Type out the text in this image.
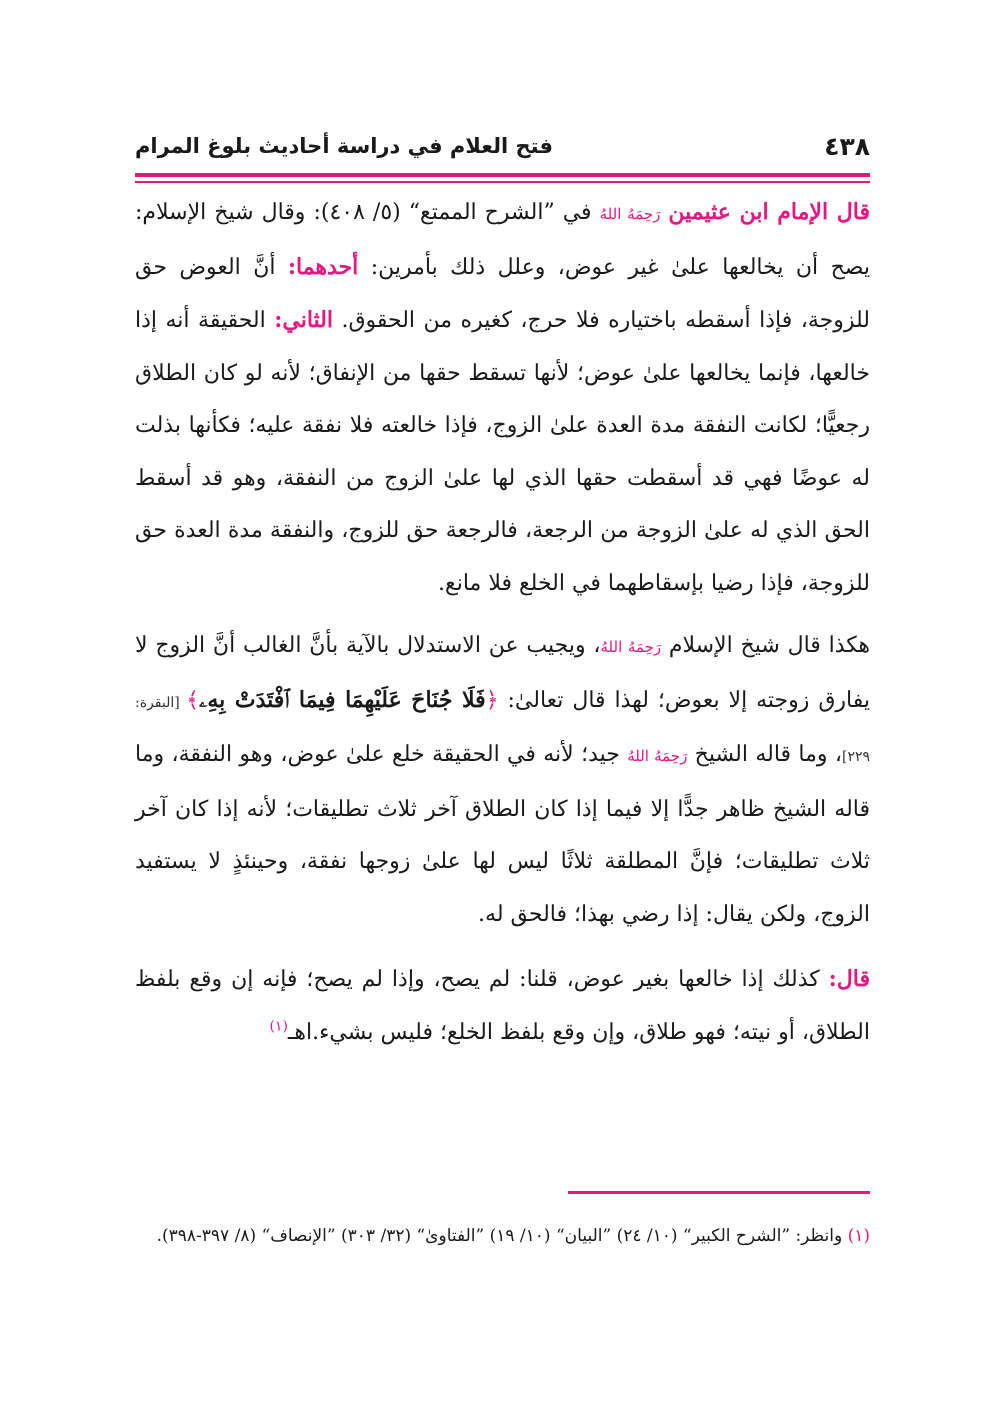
٤٣٨
فتح العلام في دراسة أحاديث بلوغ المرام

قال الإمام ابن عثيمين رَحِمَهُ اللهُ في ”الشرح الممتع“ (٥/ ٤٠٨): وقال شيخ الإسلام: يصح أن يخالعها علىٰ غير عوض، وعلل ذلك بأمرين: أحدهما: أنَّ العوض حق للزوجة، فإذا أسقطه باختياره فلا حرج، كغيره من الحقوق. الثاني: الحقيقة أنه إذا خالعها، فإنما يخالعها علىٰ عوض؛ لأنها تسقط حقها من الإنفاق؛ لأنه لو كان الطلاق رجعيًّا؛ لكانت النفقة مدة العدة علىٰ الزوج، فإذا خالعته فلا نفقة عليه؛ فكأنها بذلت له عوضًا فهي قد أسقطت حقها الذي لها علىٰ الزوج من النفقة، وهو قد أسقط الحق الذي له علىٰ الزوجة من الرجعة، فالرجعة حق للزوج، والنفقة مدة العدة حق للزوجة، فإذا رضيا بإسقاطهما في الخلع فلا مانع.

هكذا قال شيخ الإسلام رَحِمَهُ اللهُ، ويجيب عن الاستدلال بالآية بأنَّ الغالب أنَّ الزوج لا يفارق زوجته إلا بعوض؛ لهذا قال تعالىٰ: ﴿فَلَا جُنَاحَ عَلَيْهِمَا فِيمَا ٱفْتَدَتْ بِهِۦ﴾ [البقرة: ٢٢٩]، وما قاله الشيخ رَحِمَهُ اللهُ جيد؛ لأنه في الحقيقة خلع علىٰ عوض، وهو النفقة، وما قاله الشيخ ظاهر جدًّا إلا فيما إذا كان الطلاق آخر ثلاث تطليقات؛ لأنه إذا كان آخر ثلاث تطليقات؛ فإنَّ المطلقة ثلاثًا ليس لها علىٰ زوجها نفقة، وحينئذٍ لا يستفيد الزوج، ولكن يقال: إذا رضي بهذا؛ فالحق له.

قال: كذلك إذا خالعها بغير عوض، قلنا: لم يصح، وإذا لم يصح؛ فإنه إن وقع بلفظ الطلاق، أو نيته؛ فهو طلاق، وإن وقع بلفظ الخلع؛ فليس بشيء.اهـ$^{(١)}$

(١) وانظر: ”الشرح الكبير“ (١٠/ ٢٤) ”البيان“ (١٠/ ١٩) ”الفتاوىٰ“ (٣٢/ ٣٠٣) ”الإنصاف“ (٨/ ٣٩٧-٣٩٨).
